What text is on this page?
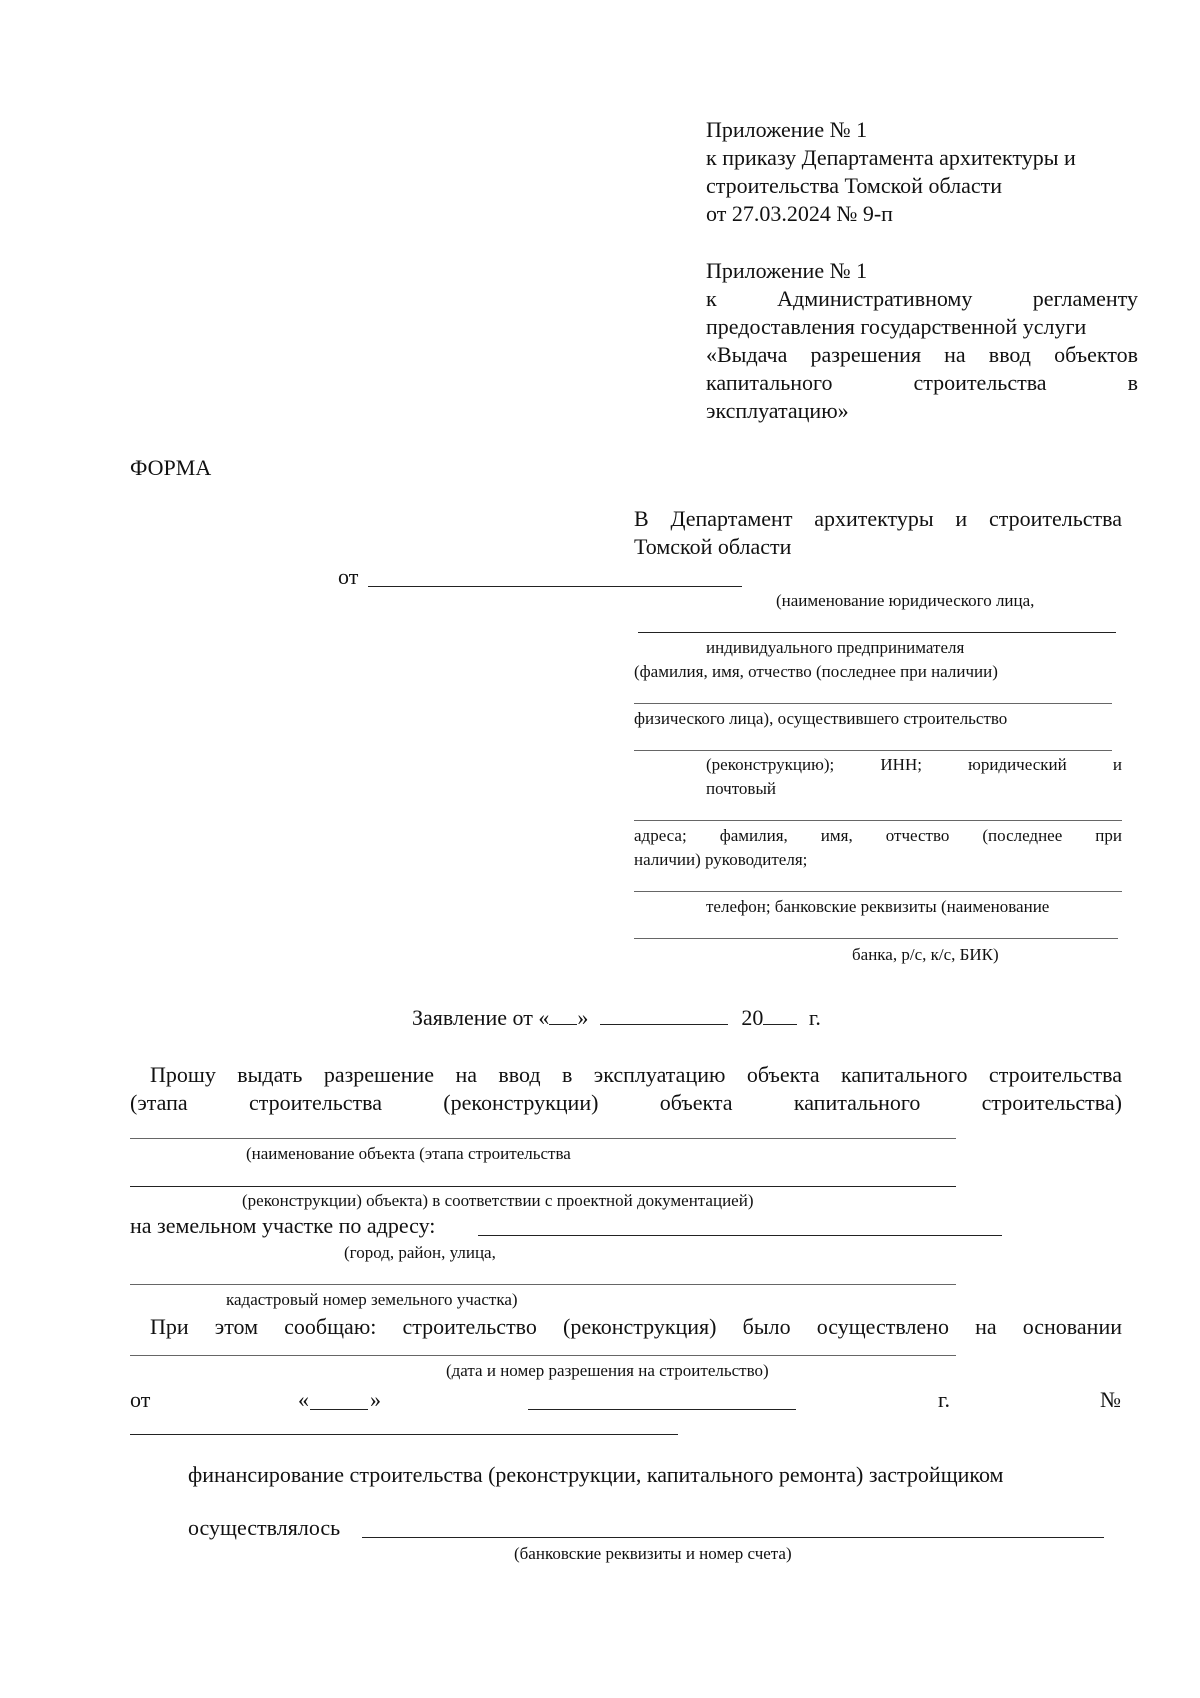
Приложение № 1
к приказу Департамента архитектуры и
строительства Томской области
от 27.03.2024 № 9-п
Приложение № 1
к Административному регламенту
предоставления государственной услуги
«Выдача разрешения на ввод объектов
капитального строительства в
эксплуатацию»
ФОРМА
В Департамент архитектуры и строительства
Томской области
от
(наименование юридического лица,
индивидуального предпринимателя
(фамилия, имя, отчество (последнее при наличии)
физического лица), осуществившего строительство
(реконструкцию); ИНН; юридический и
почтовый
адреса; фамилия, имя, отчество (последнее при
наличии) руководителя;
телефон; банковские реквизиты (наименование
банка, р/с, к/с, БИК)
Заявление от « »	20 г.
Прошу выдать разрешение на ввод в эксплуатацию объекта капитального строительства
(этапа строительства (реконструкции) объекта капитального строительства)
(наименование объекта (этапа строительства
(реконструкции) объекта) в соответствии с проектной документацией)
на земельном участке по адресу:
(город, район, улица,
кадастровый номер земельного участка)
При этом сообщаю: строительство (реконструкция) было осуществлено на основании
(дата и номер разрешения на строительство)
от	«	»	г.	№
финансирование строительства (реконструкции, капитального ремонта) застройщиком
осуществлялось
(банковские реквизиты и номер счета)
